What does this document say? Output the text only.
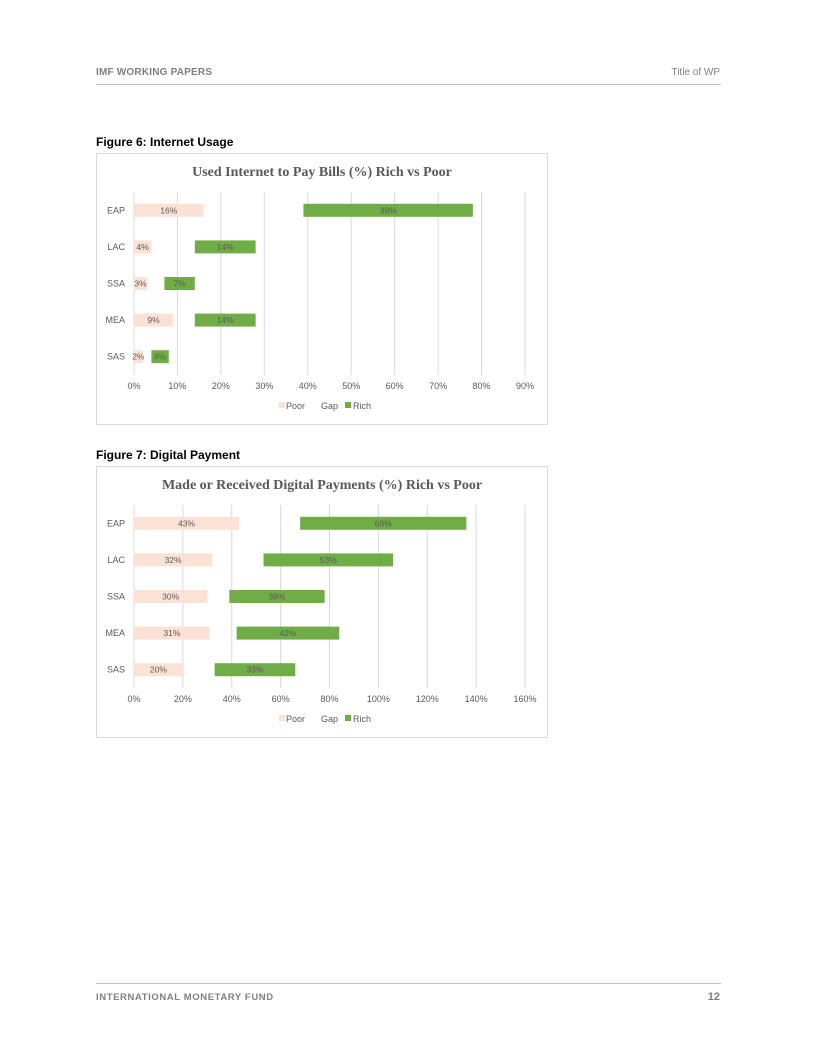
IMF WORKING PAPERS	Title of WP
Figure 6: Internet Usage
Used Internet to Pay Bills (%) Rich vs Poor
0%	10%	20%	30%	40%	50%	60%	70%	80%	90%
EAP	16%	39%
LAC 4%	14%
SSA 3%	7%
MEA	9%	14%
SAS 2% 4%
Poor Gap Rich
Figure 7: Digital Payment
Made or Received Digital Payments (%) Rich vs Poor
0%	20%	40%	60%	80%	100%	120%	140%	160%
EAP	43%	68%
LAC	32%	53%
SSA	30%	39%
MEA	31%	42%
SAS	20%	33%
Poor Gap Rich
INTERNATIONAL MONETARY FUND	12
